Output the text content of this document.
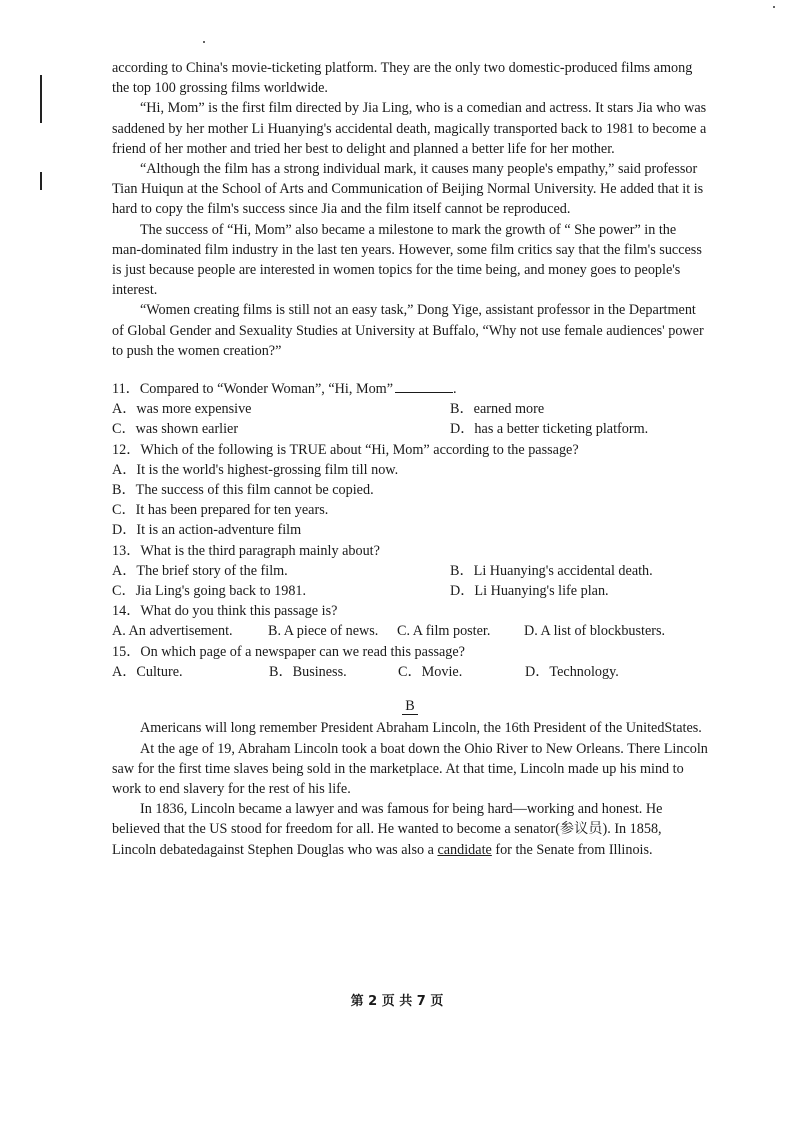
according to China's movie-ticketing platform. They are the only two domestic-produced films among the top 100 grossing films worldwide.

“Hi, Mom” is the first film directed by Jia Ling, who is a comedian and actress. It stars Jia who was saddened by her mother Li Huanying's accidental death, magically transported back to 1981 to become a friend of her mother and tried her best to delight and planned a better life for her mother.

“Although the film has a strong individual mark, it causes many people's empathy,” said professor Tian Huiqun at the School of Arts and Communication of Beijing Normal University. He added that it is hard to copy the film's success since Jia and the film itself cannot be reproduced.

The success of “Hi, Mom” also became a milestone to mark the growth of “ She power” in the man-dominated film industry in the last ten years. However, some film critics say that the film's success is just because people are interested in women topics for the time being, and money goes to people's interest.

“Women creating films is still not an easy task,” Dong Yige, assistant professor in the Department of Global Gender and Sexuality Studies at University at Buffalo, “Why not use female audiences' power to push the women creation?”

11．Compared to “Wonder Woman”, “Hi, Mom”	.

A．was more expensive	B．earned more
C．was shown earlier	D．has a better ticketing platform.

12．Which of the following is TRUE about “Hi, Mom” according to the passage?

A．It is the world's highest-grossing film till now.

B．The success of this film cannot be copied.

C．It has been prepared for ten years.

D．It is an action-adventure film

13．What is the third paragraph mainly about?

A．The brief story of the film.	B．Li Huanying's accidental death.
C．Jia Ling's going back to 1981.	D．Li Huanying's life plan.

14．What do you think this passage is?

A. An advertisement.	B. A piece of news.	C. A film poster.	D. A list of blockbusters.

15．On which page of a newspaper can we read this passage?

A．Culture.	B．Business.	C．Movie.	D．Technology.

B

Americans will long remember President Abraham Lincoln, the 16th President of the UnitedStates.

At the age of 19, Abraham Lincoln took a boat down the Ohio River to New Orleans. There Lincoln saw for the first time slaves being sold in the marketplace. At that time, Lincoln made up his mind to work to end slavery for the rest of his life.

In 1836, Lincoln became a lawyer and was famous for being hard—working and honest. He believed that the US stood for freedom for all. He wanted to become a senator(参议员). In 1858, Lincoln debatedagainst Stephen Douglas who was also a candidate for the Senate from Illinois.

第 2 页 共 7 页
